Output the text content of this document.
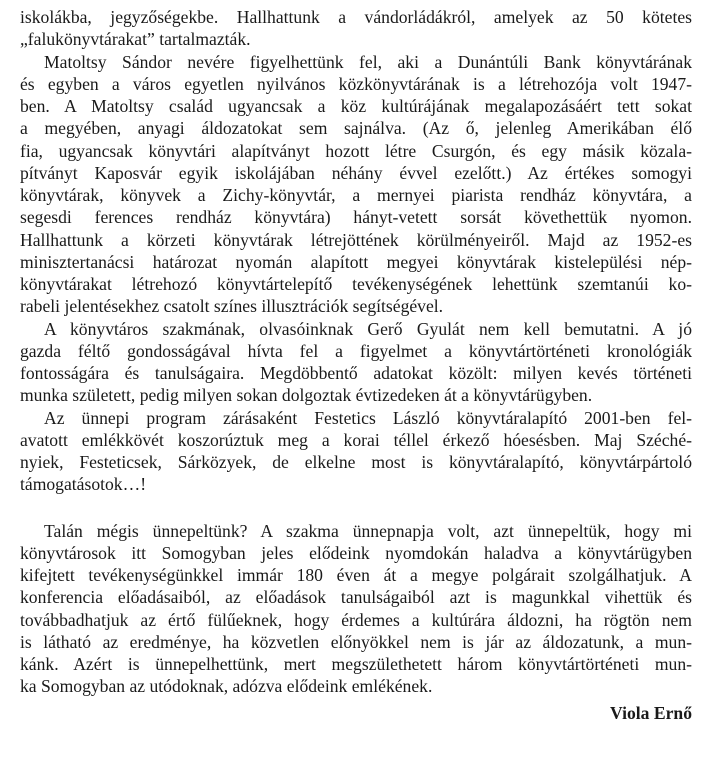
iskolákba, jegyzőségekbe. Hallhattunk a vándorládákról, amelyek az 50 kötetes
„falukönyvtárakat” tartalmazták.
Matoltsy Sándor nevére figyelhettünk fel, aki a Dunántúli Bank könyvtárának
és egyben a város egyetlen nyilvános közkönyvtárának is a létrehozója volt 1947-
ben. A Matoltsy család ugyancsak a köz kultúrájának megalapozásáért tett sokat
a megyében, anyagi áldozatokat sem sajnálva. (Az ő, jelenleg Amerikában élő
fia, ugyancsak könyvtári alapítványt hozott létre Csurgón, és egy másik közala-
pítványt Kaposvár egyik iskolájában néhány évvel ezelőtt.) Az értékes somogyi
könyvtárak, könyvek a Zichy-könyvtár, a mernyei piarista rendház könyvtára, a
segesdi ferences rendház könyvtára) hányt-vetett sorsát követhettük nyomon.
Hallhattunk a körzeti könyvtárak létrejöttének körülményeiről. Majd az 1952-es
minisztertanácsi határozat nyomán alapított megyei könyvtárak kistelepülési nép-
könyvtárakat létrehozó könyvtártelepítő tevékenységének lehettünk szemtanúi ko-
rabeli jelentésekhez csatolt színes illusztrációk segítségével.
A könyvtáros szakmának, olvasóinknak Gerő Gyulát nem kell bemutatni. A jó
gazda féltő gondosságával hívta fel a figyelmet a könyvtártörténeti kronológiák
fontosságára és tanulságaira. Megdöbbentő adatokat közölt: milyen kevés történeti
munka született, pedig milyen sokan dolgoztak évtizedeken át a könyvtárügyben.
Az ünnepi program zárásaként Festetics László könyvtáralapító 2001-ben fel-
avatott emlékkövét koszorúztuk meg a korai téllel érkező hóesésben. Maj Széché-
nyiek, Festeticsek, Sárközyek, de elkelne most is könyvtáralapító, könyvtárpártoló
támogatásotok…!
Talán mégis ünnepeltünk? A szakma ünnepnapja volt, azt ünnepeltük, hogy mi
könyvtárosok itt Somogyban jeles elődeink nyomdokán haladva a könyvtárügyben
kifejtett tevékenységünkkel immár 180 éven át a megye polgárait szolgálhatjuk. A
konferencia előadásaiból, az előadások tanulságaiból azt is magunkkal vihettük és
továbbadhatjuk az értő fülűeknek, hogy érdemes a kultúrára áldozni, ha rögtön nem
is látható az eredménye, ha közvetlen előnyökkel nem is jár az áldozatunk, a mun-
kánk. Azért is ünnepelhettünk, mert megszülethetett három könyvtártörténeti mun-
ka Somogyban az utódoknak, adózva elődeink emlékének.
Viola Ernő
